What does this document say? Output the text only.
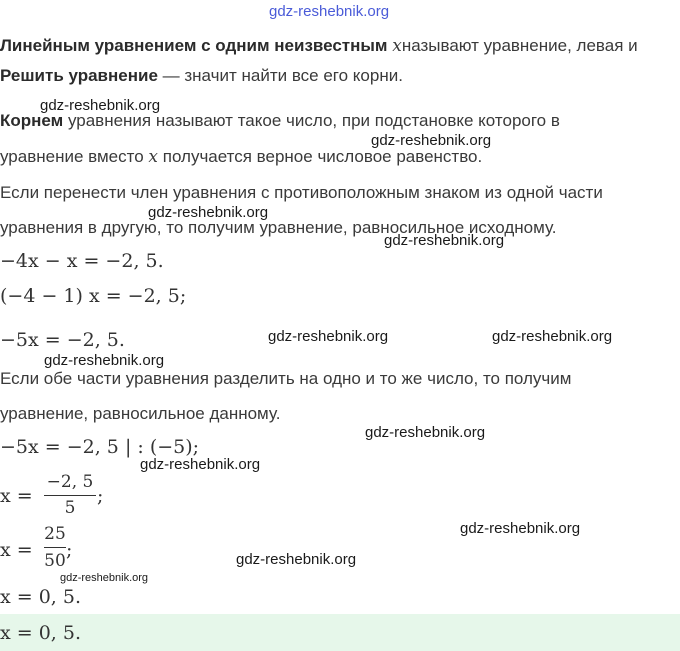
gdz-reshebnik.org
Линейным уравнением с одним неизвестным xназывают уравнение, левая и
Решить уравнение — значит найти все его корни.
gdz-reshebnik.org
Корнем уравнения называют такое число, при подстановке которого в
gdz-reshebnik.org
уравнение вместо x получается верное числовое равенство.
Если перенести член уравнения с противоположным знаком из одной части
gdz-reshebnik.org
уравнения в другую, то получим уравнение, равносильное исходному.
gdz-reshebnik.org
−4x − x = −2, 5.
(−4 − 1) x = −2, 5;
−5x = −2, 5.	gdz-reshebnik.org	gdz-reshebnik.org
gdz-reshebnik.org
Если обе части уравнения разделить на одно и то же число, то получим
уравнение, равносильное данному.
gdz-reshebnik.org
−5x = −2, 5 | : (−5);
gdz-reshebnik.org
x =
−2, 5
5
;
gdz-reshebnik.org
x =
25
50 ;	gdz-reshebnik.org
gdz-reshebnik.org
x = 0, 5.
x = 0, 5.
